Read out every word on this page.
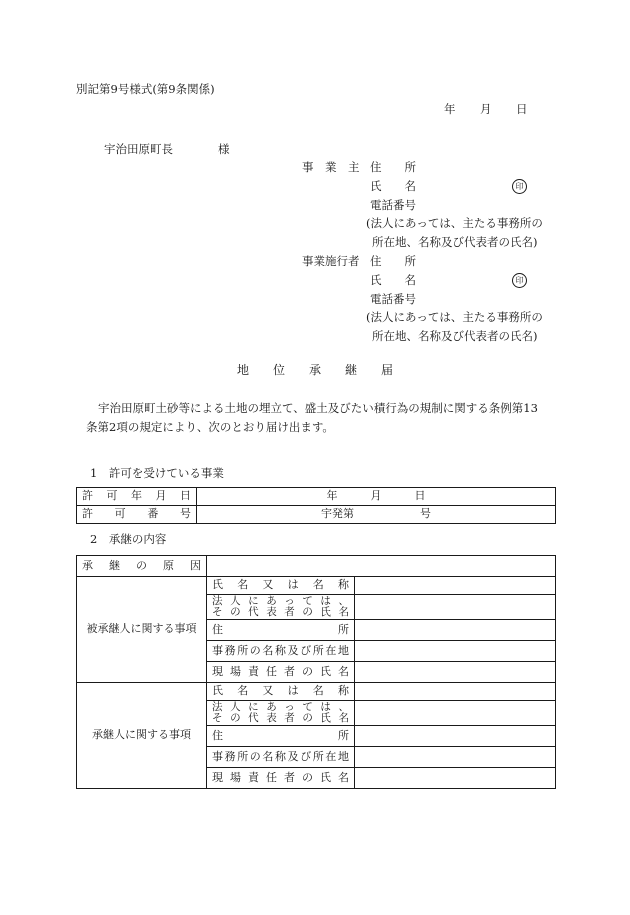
別記第9号様式(第9条関係)
年 月 日
宇治田原町長	様
事　業　主 住　　所
氏　　名	印
電話番号
(法人にあっては、主たる事務所の
所在地、名称及び代表者の氏名)
事業施行者 住　　所
氏　　名	印
電話番号
(法人にあっては、主たる事務所の
所在地、名称及び代表者の氏名)
地　　位　　承　　継　　届
宇治田原町土砂等による土地の埋立て、盛土及びたい積行為の規制に関する条例第13
条第2項の規定により、次のとおり届け出ます。
1　許可を受けている事業
許可年月日	年　　　月　　　日
許可番号	宇発第　　　　　　号
2　承継の内容
承継の原因		
被承継人に関する事項	氏名又は名称	

	法人にあっては、
その代表者の氏名	

	住 所	

	事務所の名称及び所在地	
	現場責任者の氏名	
承継人に関する事項	氏名又は名称	

	法人にあっては、
その代表者の氏名	

	住 所	

	事務所の名称及び所在地	
	現場責任者の氏名	
